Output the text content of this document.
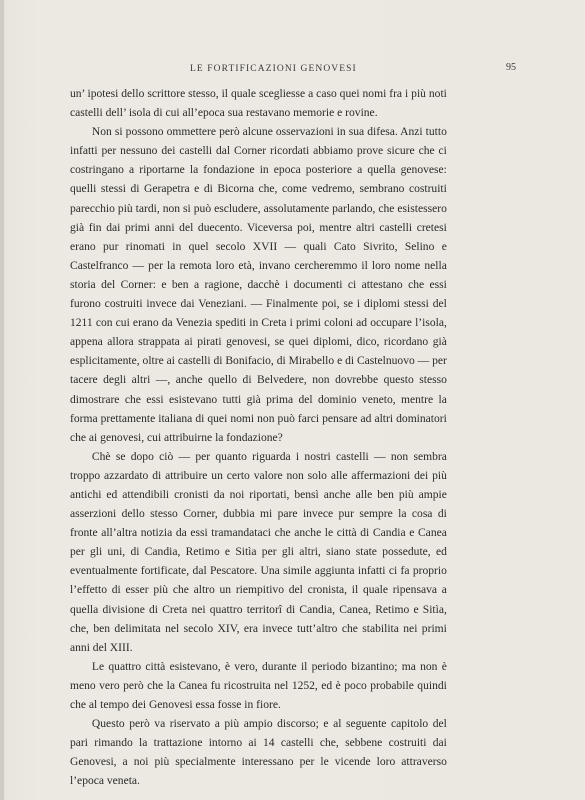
LE FORTIFICAZIONI GENOVESI	95

un’ ipotesi dello scrittore stesso, il quale scegliesse a caso quei nomi fra i più noti castelli dell’ isola di cui all’epoca sua restavano memorie e rovine.

Non si possono ommettere però alcune osservazioni in sua difesa. Anzi tutto infatti per nessuno dei castelli dal Corner ricordati abbiamo prove sicure che ci costringano a riportarne la fondazione in epoca posteriore a quella genovese: quelli stessi di Gerapetra e di Bicorna che, come vedremo, sembrano costruiti parecchio più tardi, non si può escludere, assolutamente parlando, che esistessero già fin dai primi anni del duecento. Viceversa poi, mentre altri castelli cretesi erano pur rinomati in quel secolo XVII — quali Cato Sivrito, Selino e Castelfranco — per la remota loro età, invano cercheremmo il loro nome nella storia del Corner: e ben a ragione, dacchè i documenti ci attestano che essi furono costruiti invece dai Veneziani. — Finalmente poi, se i diplomi stessi del 1211 con cui erano da Venezia spediti in Creta i primi coloni ad occupare l’isola, appena allora strappata ai pirati genovesi, se quei diplomi, dico, ricordano già esplicitamente, oltre ai castelli di Bonifacio, di Mirabello e di Castelnuovo — per tacere degli altri —, anche quello di Belvedere, non dovrebbe questo stesso dimostrare che essi esistevano tutti già prima del dominio veneto, mentre la forma prettamente italiana di quei nomi non può farci pensare ad altri dominatori che ai genovesi, cui attribuirne la fondazione?

Chè se dopo ciò — per quanto riguarda i nostri castelli — non sembra troppo azzardato di attribuire un certo valore non solo alle affermazioni dei più antichi ed attendibili cronisti da noi riportati, bensì anche alle ben più ampie asserzioni dello stesso Corner, dubbia mi pare invece pur sempre la cosa di fronte all’altra notizia da essi tramandataci che anche le città di Candia e Canea per gli uni, di Candia, Retimo e Sitìa per gli altri, siano state possedute, ed eventualmente fortificate, dal Pescatore. Una simile aggiunta infatti ci fa proprio l’effetto di esser più che altro un riempitivo del cronista, il quale ripensava a quella divisione di Creta nei quattro territorî di Candia, Canea, Retimo e Sitìa, che, ben delimitata nel secolo XIV, era invece tutt’altro che stabilita nei primi anni del XIII.

Le quattro città esistevano, è vero, durante il periodo bizantino; ma non è meno vero però che la Canea fu ricostruita nel 1252, ed è poco probabile quindi che al tempo dei Genovesi essa fosse in fiore.

Questo però va riservato a più ampio discorso; e al seguente capitolo del pari rimando la trattazione intorno ai 14 castelli che, sebbene costruiti dai Genovesi, a noi più specialmente interessano per le vicende loro attraverso l’epoca veneta.
